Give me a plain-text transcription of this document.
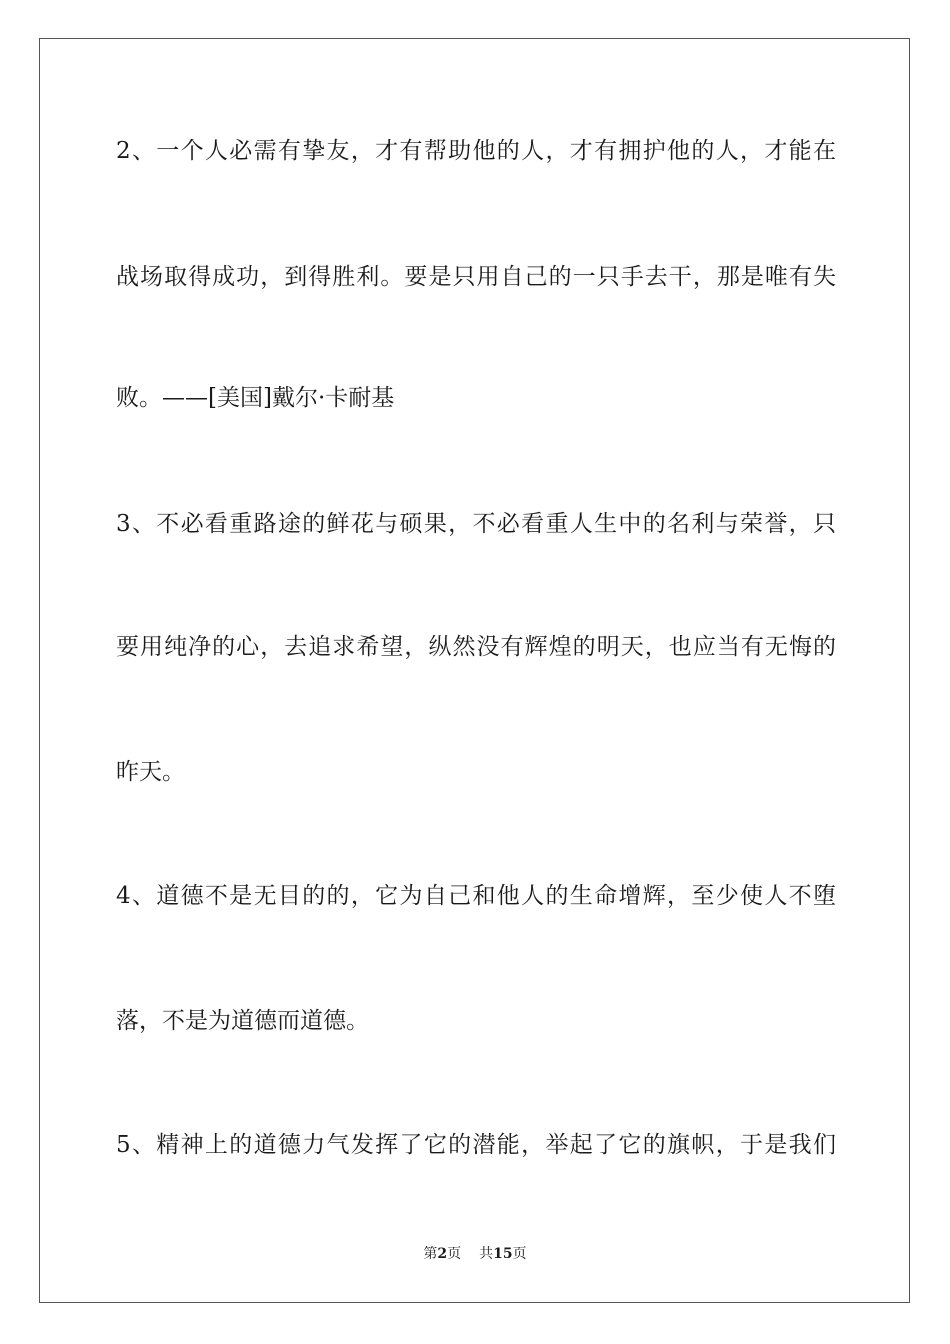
2、一个人必需有挚友，才有帮助他的人，才有拥护他的人，才能在
战场取得成功，到得胜利。要是只用自己的一只手去干，那是唯有失
败。——[美国]戴尔·卡耐基
3、不必看重路途的鲜花与硕果，不必看重人生中的名利与荣誉，只
要用纯净的心，去追求希望，纵然没有辉煌的明天，也应当有无悔的
昨天。
4、道德不是无目的的，它为自己和他人的生命增辉，至少使人不堕
落，不是为道德而道德。
5、精神上的道德力气发挥了它的潜能，举起了它的旗帜，于是我们
第2页 共15页
